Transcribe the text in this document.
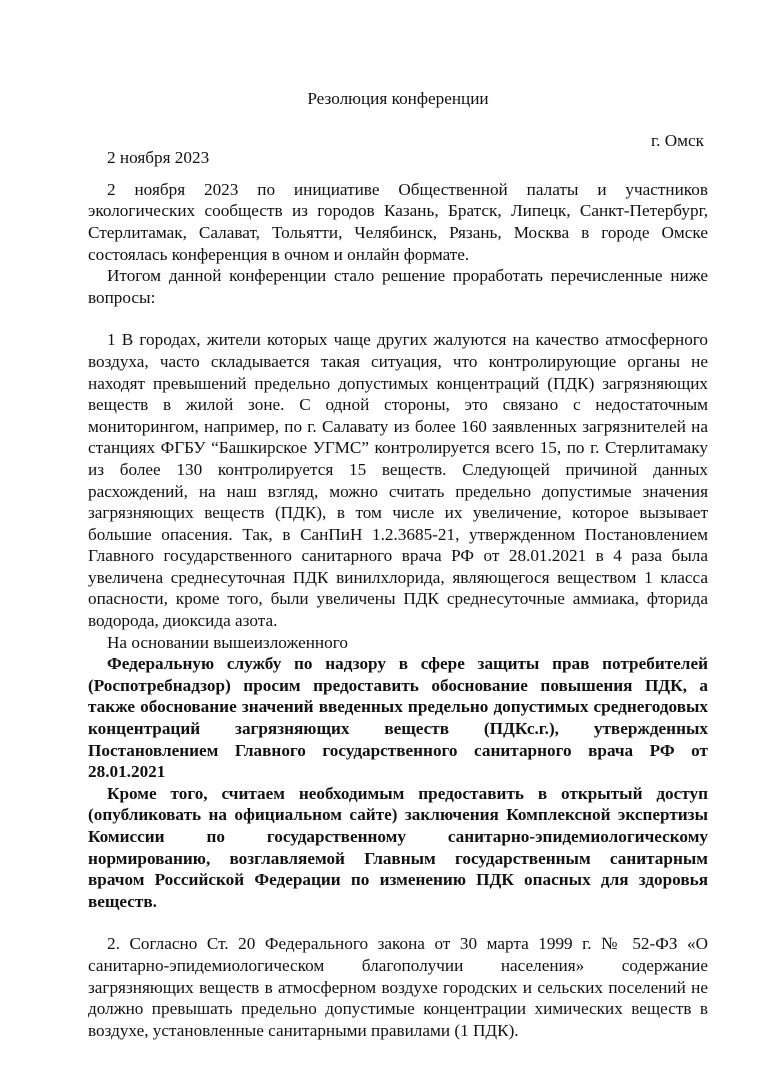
Резолюция конференции
г. Омск
2 ноября 2023
2 ноября 2023 по инициативе Общественной палаты и участников
экологических сообществ из городов Казань, Братск, Липецк, Санкт-Петербург,
Стерлитамак, Салават, Тольятти, Челябинск, Рязань, Москва в городе Омске
состоялась конференция в очном и онлайн формате.
Итогом данной конференции стало решение проработать перечисленные ниже
вопросы:
1 В городах, жители которых чаще других жалуются на качество атмосферного
воздуха, часто складывается такая ситуация, что контролирующие органы не
находят превышений предельно допустимых концентраций (ПДК) загрязняющих
веществ в жилой зоне. С одной стороны, это связано с недостаточным
мониторингом, например, по г. Салавату из более 160 заявленных загрязнителей на
станциях ФГБУ “Башкирское УГМС” контролируется всего 15, по г. Стерлитамаку
из более 130 контролируется 15 веществ. Следующей причиной данных
расхождений, на наш взгляд, можно считать предельно допустимые значения
загрязняющих веществ (ПДК), в том числе их увеличение, которое вызывает
большие опасения. Так, в СанПиН 1.2.3685-21, утвержденном Постановлением
Главного государственного санитарного врача РФ от 28.01.2021 в 4 раза была
увеличена среднесуточная ПДК винилхлорида, являющегося веществом 1 класса
опасности, кроме того, были увеличены ПДК среднесуточные аммиака, фторида
водорода, диоксида азота.
На основании вышеизложенного
Федеральную службу по надзору в сфере защиты прав потребителей
(Роспотребнадзор) просим предоставить обоснование повышения ПДК, а
также обоснование значений введенных предельно допустимых среднегодовых
концентраций загрязняющих веществ (ПДКс.г.), утвержденных
Постановлением Главного государственного санитарного врача РФ от
28.01.2021
Кроме того, считаем необходимым предоставить в открытый доступ
(опубликовать на официальном сайте) заключения Комплексной экспертизы
Комиссии по государственному санитарно-эпидемиологическому
нормированию, возглавляемой Главным государственным санитарным
врачом Российской Федерации по изменению ПДК опасных для здоровья
веществ.
2. Согласно Ст. 20 Федерального закона от 30 марта 1999 г. № 52-ФЗ «О
санитарно-эпидемиологическом благополучии населения» содержание
загрязняющих веществ в атмосферном воздухе городских и сельских поселений не
должно превышать предельно допустимые концентрации химических веществ в
воздухе, установленные санитарными правилами (1 ПДК).
